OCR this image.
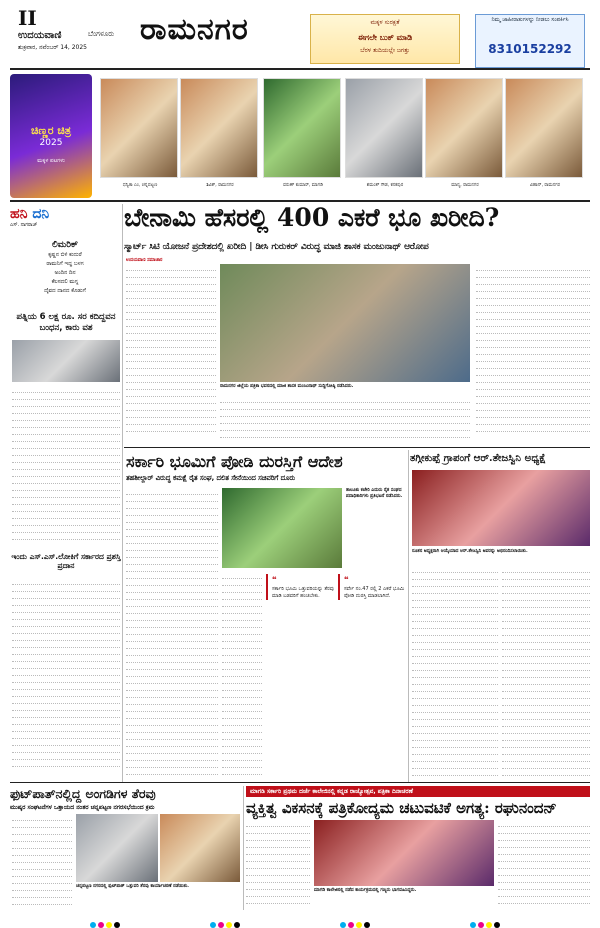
II
ಉದಯವಾಣಿ	ಬೆಂಗಳೂರು
ಶುಕ್ರವಾರ, ನವೆಂಬರ್ 14, 2025
ರಾಮನಗರ	ಮಕ್ಕಳ ಸುರಕ್ಷತೆ
ಈಗಲೇ ಬುಕ್ ಮಾಡಿ
ಬೆರಳ ತುದಿಯಲ್ಲೇ ಜಗತ್ತು
ನಿಮ್ಮ ಜಾಹೀರಾತುಗಳನ್ನು ನೀಡಲು ಸಂಪರ್ಕಿಸಿ
8310152292
ಚಿಣ್ಣರ ಚಿತ್ರ
2025
ಮಕ್ಕಳ ಪಟಗಳು
ಧನ್ವಿಕಾ ಎಂ, ಚನ್ನಪಟ್ಟಣ	ಶಿವಿಕ್, ರಾಮನಗರ	ವರುಣ್ ಕುಮಾರ್, ಮಾಗಡಿ	ಶಮಂತ್ ಗೌಡ, ಕನಕಪುರ	ಮಾನ್ಯ, ರಾಮನಗರ	ವಿಹಾನ್, ರಾಮನಗರ
ಹನಿ ದನಿ
ಎಸ್. ನಾಗರಾಜ್
ಲಿಮರಿಕ್
ಕೃಷ್ಣನ ಬಿಳಿ ಕುದುರೆ
ರಾಮನಿಗೆ ಇದ್ದ ಬಳಗ
ಅಂದಿನ ದಿನ
ಕೆಲಸದಲಿ ಮಗ್ನ
ದೈವದ ದಾನದ ಕೊಡುಗೆ
ಪತ್ನಿಯ 6 ಲಕ್ಷ ರೂ. ಸರ ಕದಿದ್ದವನ ಬಂಧನ, ಕಾರು ವಶ
ಇಂದು ಎಸ್.ಎಸ್.ಲೋಕಿಗೆ ಸರ್ಕಾರದ ಪ್ರಶಸ್ತಿ ಪ್ರದಾನ
ಬೇನಾಮಿ ಹೆಸರಲ್ಲಿ 400 ಎಕರೆ ಭೂ ಖರೀದಿ?
ಸ್ಮಾರ್ಟ್ ಸಿಟಿ ಯೋಜನೆ ಪ್ರದೇಶದಲ್ಲಿ ಖರೀದಿ | ಡೀಸಿ ಗುರುಕರ್ ವಿರುದ್ಧ ಮಾಜಿ ಶಾಸಕ ಮಂಜುನಾಥ್ ಆರೋಪ
ಉದಯವಾಣಿ ಸಮಾಚಾರ
ರಾಮನಗರ ಜಿಲ್ಲೆಯ ಪತ್ರಿಕಾ ಭವನದಲ್ಲಿ ಮಾಜಿ ಶಾಸಕ ಮಂಜುನಾಥ್ ಸುದ್ದಿಗೋಷ್ಠಿ ನಡೆಸಿದರು.
ಸರ್ಕಾರಿ ಭೂಮಿಗೆ ಪೋಡಿ ದುರಸ್ತಿಗೆ ಆದೇಶ
ತಹಶೀಲ್ದಾರ್ ವಿರುದ್ಧ ಕಮಕ್ಷೆ ರೈತ ಸಂಘ, ದಲಿತ ಸೇನೆಯಿಂದ ಸಚಿವರಿಗೆ ದೂರು
ತಾಲೂಕು ಕಚೇರಿ ಎದುರು ರೈತ ಸಂಘದ ಪದಾಧಿಕಾರಿಗಳು ಪ್ರತಿಭಟನೆ ನಡೆಸಿದರು.
❝
ಸರ್ಕಾರಿ ಭೂಮಿ ಒತ್ತುವರಿಯನ್ನು ತೆರವು ಮಾಡಿ ಬಡವರಿಗೆ ಹಂಚಬೇಕು.
❝
ಸರ್ವೇ ನಂ.47 ರಲ್ಲಿ 2 ಎಕರೆ ಭೂಮಿ ಪೋಡಿ ದುರಸ್ತಿ ಮಾಡಲಾಗಿದೆ.
ತಗ್ಗೀಕುಪ್ಪೆ ಗ್ರಾಪಂಗೆ ಆರ್.ತೇಜಸ್ವಿನಿ ಅಧ್ಯಕ್ಷೆ
ನೂತನ ಅಧ್ಯಕ್ಷರಾಗಿ ಆಯ್ಕೆಯಾದ ಆರ್.ತೇಜಸ್ವಿನಿ ಅವರನ್ನು ಅಭಿನಂದಿಸಲಾಯಿತು.
ಫುಟ್‌ಪಾತ್‌ನಲ್ಲಿದ್ದ ಅಂಗಡಿಗಳ ತೆರವು
ಮುಷ್ಕರ ಸಂಘಟನೆಗಳ ಒತ್ತಾಯದ ನಂತರ ಚನ್ನಪಟ್ಟಣ ನಗರಸಭೆಯಿಂದ ಕ್ರಮ
ಚನ್ನಪಟ್ಟಣ ನಗರದಲ್ಲಿ ಫುಟ್‌ಪಾತ್ ಒತ್ತುವರಿ ತೆರವು ಕಾರ್ಯಾಚರಣೆ ನಡೆಯಿತು.
ಮಾಗಡಿ ಸರ್ಕಾರಿ ಪ್ರಥಮ ದರ್ಜೆ ಕಾಲೇಜಿನಲ್ಲಿ ಕನ್ನಡ ರಾಜ್ಯೋತ್ಸವ, ಪತ್ರಿಕಾ ದಿನಾಚರಣೆ
ವ್ಯಕ್ತಿತ್ವ ವಿಕಸನಕ್ಕೆ ಪತ್ರಿಕೋದ್ಯಮ ಚಟುವಟಿಕೆ ಅಗತ್ಯ: ರಘುನಂದನ್
ಮಾಗಡಿ ಕಾಲೇಜಿನಲ್ಲಿ ನಡೆದ ಕಾರ್ಯಕ್ರಮದಲ್ಲಿ ಗಣ್ಯರು ಭಾಗವಹಿಸಿದ್ದರು.
